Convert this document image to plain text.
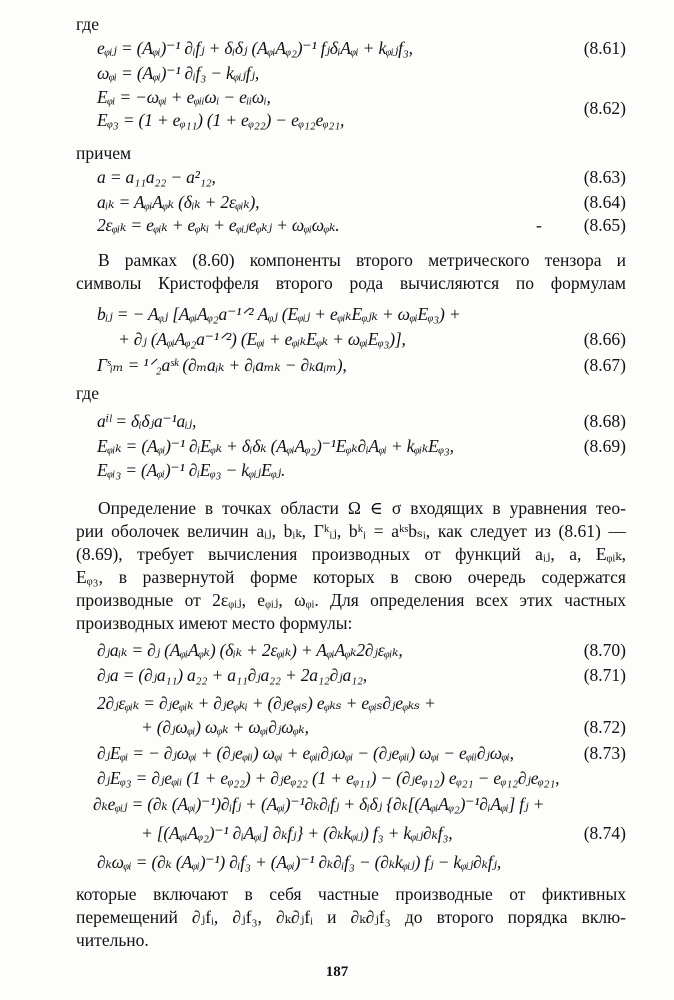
где
eᵩᵢⱼ = (Aᵩᵢ)⁻¹ ∂ᵢfⱼ + δᵢδⱼ (AᵩᵢAᵩ₂)⁻¹ fⱼδᵢAᵩᵢ + kᵩᵢⱼf₃,	(8.61)
ωᵩᵢ = (Aᵩᵢ)⁻¹ ∂ᵢf₃ − kᵩᵢⱼfⱼ,
Eᵩᵢ = −ωᵩᵢ + eᵩᵢᵢωᵢ − eᵢᵢωᵢ,
(8.62)
Eᵩ₃ = (1 + eᵩ₁₁) (1 + eᵩ₂₂) − eᵩ₁₂eᵩ₂₁,
причем
a = a₁₁a₂₂ − a²₁₂,	(8.63)
aᵢₖ = AᵩᵢAᵩₖ (δᵢₖ + 2εᵩᵢₖ),	(8.64)
2εᵩᵢₖ = eᵩᵢₖ + eᵩₖᵢ + eᵩᵢⱼeᵩₖⱼ + ωᵩᵢωᵩₖ.	- (8.65)
В рамках (8.60) компоненты второго метрического тензора и
символы Кристоффеля второго рода вычисляются по формулам
bᵢⱼ = − Aᵩⱼ [AᵩᵢAᵩ₂a⁻¹ᐟ² Aᵩⱼ (Eᵩᵢⱼ + eᵩᵢₖEᵩⱼₖ + ωᵩᵢEᵩ₃) +
+ ∂ⱼ (AᵩᵢAᵩ₂a⁻¹ᐟ²) (Eᵩᵢ + eᵩᵢₖEᵩₖ + ωᵩᵢEᵩ₃)],	(8.66)
Γˢᵢₘ = ¹ᐟ₂aˢᵏ (∂ₘaᵢₖ + ∂ᵢaₘₖ − ∂ₖaᵢₘ),	(8.67)
где
aⁱˡ = δᵢδⱼa⁻¹aᵢⱼ,	(8.68)
Eᵩᵢₖ = (Aᵩᵢ)⁻¹ ∂ᵢEᵩₖ + δᵢδₖ (AᵩᵢAᵩ₂)⁻¹Eᵩₖ∂ᵢAᵩᵢ + kᵩᵢₖEᵩ₃,	(8.69)
Eᵩᵢ₃ = (Aᵩᵢ)⁻¹ ∂ᵢEᵩ₃ − kᵩᵢⱼEᵩⱼ.
Определение в точках области Ω ∈ σ входящих в уравнения тео-
рии оболочек величин aᵢⱼ, bᵢₖ, Γᵏᵢⱼ, bᵏᵢ = aᵏˢbₛᵢ, как следует из (8.61) —
(8.69), требует вычисления производных от функций aᵢⱼ, a, Eᵩᵢₖ,
Eᵩ₃, в развернутой форме которых в свою очередь содержатся
производные от 2εᵩᵢⱼ, eᵩᵢⱼ, ωᵩᵢ. Для определения всех этих частных
производных имеют место формулы:
∂ⱼaᵢₖ = ∂ⱼ (AᵩᵢAᵩₖ) (δᵢₖ + 2εᵩᵢₖ) + AᵩᵢAᵩₖ2∂ⱼεᵩᵢₖ,	(8.70)
∂ⱼa = (∂ⱼa₁₁) a₂₂ + a₁₁∂ⱼa₂₂ + 2a₁₂∂ⱼa₁₂,	(8.71)
2∂ⱼεᵩᵢₖ = ∂ⱼeᵩᵢₖ + ∂ⱼeᵩₖᵢ + (∂ⱼeᵩᵢₛ) eᵩₖₛ + eᵩᵢₛ∂ⱼeᵩₖₛ +
+ (∂ⱼωᵩᵢ) ωᵩₖ + ωᵩᵢ∂ⱼωᵩₖ,	(8.72)
∂ⱼEᵩᵢ = − ∂ⱼωᵩᵢ + (∂ⱼeᵩᵢᵢ) ωᵩᵢ + eᵩᵢᵢ∂ⱼωᵩᵢ − (∂ⱼeᵩᵢᵢ) ωᵩᵢ − eᵩᵢᵢ∂ⱼωᵩᵢ,	(8.73)
∂ⱼEᵩ₃ = ∂ⱼeᵩᵢᵢ (1 + eᵩ₂₂) + ∂ⱼeᵩ₂₂ (1 + eᵩ₁₁) − (∂ⱼeᵩ₁₂) eᵩ₂₁ − eᵩ₁₂∂ⱼeᵩ₂₁,
∂ₖeᵩᵢⱼ = (∂ₖ (Aᵩᵢ)⁻¹)∂ᵢfⱼ + (Aᵩᵢ)⁻¹∂ₖ∂ᵢfⱼ + δᵢδⱼ {∂ₖ[(AᵩᵢAᵩ₂)⁻¹∂ᵢAᵩᵢ] fⱼ +
+ [(AᵩᵢAᵩ₂)⁻¹ ∂ᵢAᵩᵢ] ∂ₖfⱼ} + (∂ₖkᵩᵢⱼ) f₃ + kᵩᵢⱼ∂ₖf₃,	(8.74)
∂ₖωᵩᵢ = (∂ₖ (Aᵩᵢ)⁻¹) ∂ᵢf₃ + (Aᵩᵢ)⁻¹ ∂ₖ∂ᵢf₃ − (∂ₖkᵩᵢⱼ) fⱼ − kᵩᵢⱼ∂ₖfⱼ,
которые включают в себя частные производные от фиктивных
перемещений ∂ⱼfᵢ, ∂ⱼf₃, ∂ₖ∂ⱼfᵢ и ∂ₖ∂ⱼf₃ до второго порядка вклю-
чительно.
187
